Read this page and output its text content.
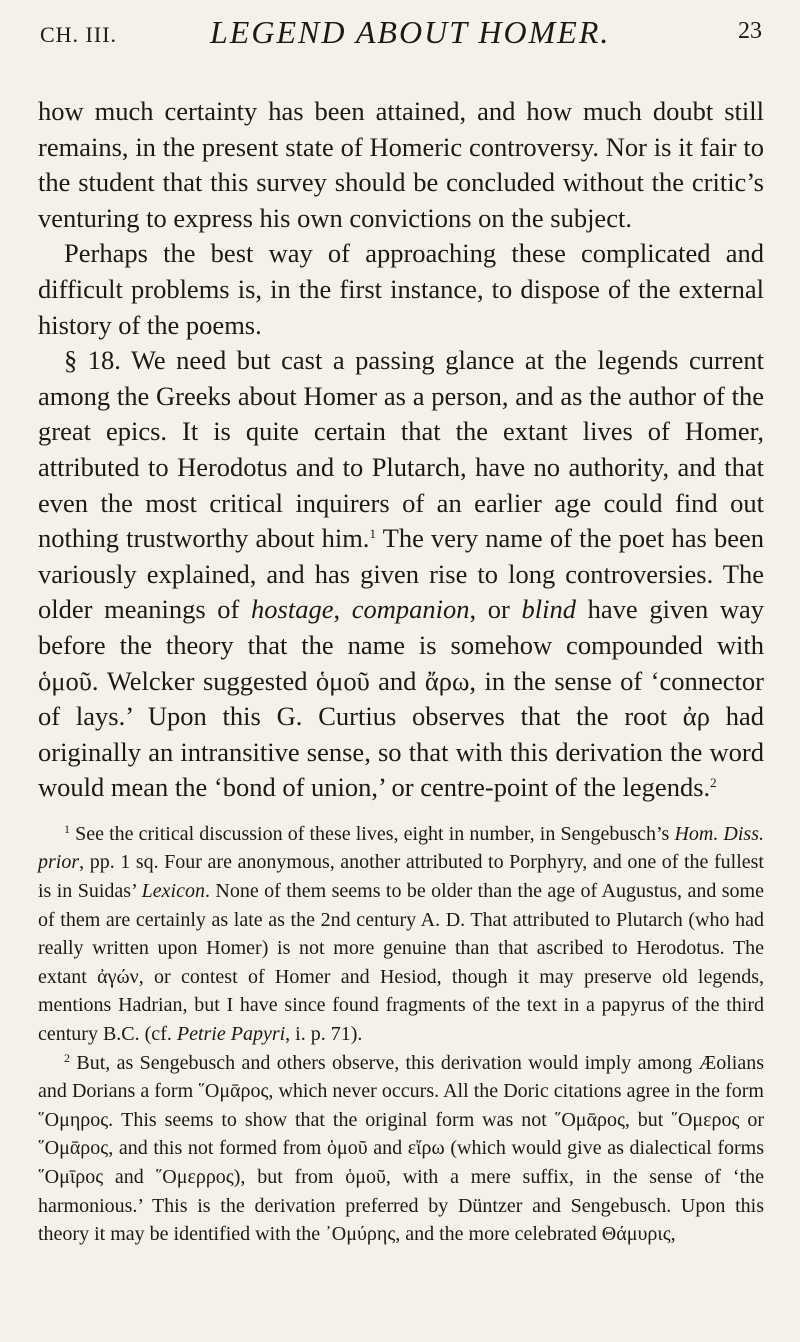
CH. III.	LEGEND ABOUT HOMER.	23

how much certainty has been attained, and how much doubt still remains, in the present state of Homeric controversy. Nor is it fair to the student that this survey should be concluded without the critic’s venturing to express his own convictions on the subject.

Perhaps the best way of approaching these complicated and difficult problems is, in the first instance, to dispose of the external history of the poems.

§ 18. We need but cast a passing glance at the legends current among the Greeks about Homer as a person, and as the author of the great epics. It is quite certain that the extant lives of Homer, attributed to Herodotus and to Plutarch, have no authority, and that even the most critical inquirers of an earlier age could find out nothing trustworthy about him.$^1$ The very name of the poet has been variously explained, and has given rise to long controversies. The older meanings of hostage, companion, or blind have given way before the theory that the name is somehow compounded with ὁμοῦ. Welcker suggested ὁμοῦ and ἄρω, in the sense of ‘connector of lays.’ Upon this G. Curtius observes that the root ἀρ had originally an intransitive sense, so that with this derivation the word would mean the ‘bond of union,’ or centre-point of the legends.$^2$

$^1$ See the critical discussion of these lives, eight in number, in Sengebusch’s Hom. Diss. prior, pp. 1 sq. Four are anonymous, another attributed to Porphyry, and one of the fullest is in Suidas’ Lexicon. None of them seems to be older than the age of Augustus, and some of them are certainly as late as the 2nd century A. D. That attributed to Plutarch (who had really written upon Homer) is not more genuine than that ascribed to Herodotus. The extant ἀγών, or contest of Homer and Hesiod, though it may preserve old legends, mentions Hadrian, but I have since found fragments of the text in a papyrus of the third century B.C. (cf. Petrie Papyri, i. p. 71).

$^2$ But, as Sengebusch and others observe, this derivation would imply among Æolians and Dorians a form ῞Ομᾱρος, which never occurs. All the Doric citations agree in the form ῞Ομηρος. This seems to show that the original form was not ῞Ομᾱρος, but ῞Ομερος or ῞Ομᾱρος, and this not formed from ὁμοῦ and εἴρω (which would give as dialectical forms ῞Ομῑρος and ῞Ομερρος), but from ὁμοῦ, with a mere suffix, in the sense of ‘the harmonious.’ This is the derivation preferred by Düntzer and Sengebusch. Upon this theory it may be identified with the ᾿Ομύρης, and the more celebrated Θάμυρις,
